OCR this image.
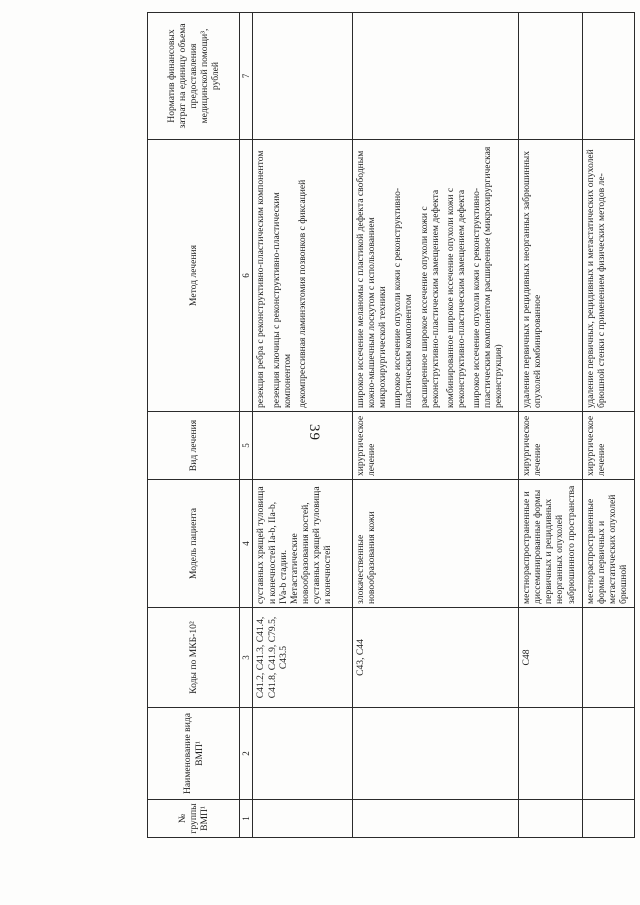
39
№ группы ВМП¹	Наименование вида ВМП¹	Коды по МКБ-10²	Модель пациента	Вид лечения	Метод лечения	Норматив финансовых затрат на единицу объема предоставления медицинской помощи³, рублей
1	2	3	4	5	6	7
		C41.2, C41.3, C41.4, C41.8, C41.9, C79.5, C43.5	суставных хрящей туловища и конечностей Ia-b, IIa-b, IVa-b стадии. Метастатические новообразования костей, суставных хрящей туловища и конечностей		резекция ребра с реконструктивно-пластическим компонентом резекция ключицы с реконструктивно-пластическим компонентом декомпрессивная ламинэктомия позвонков с фиксацией	

		C43, C44	злокачественные новообразования кожи	хирургическое лечение	широкое иссечение меланомы с пластикой дефекта свободным кожно-мышечным лоскутом с использованием микрохирургической техники широкое иссечение опухоли кожи с реконструктивно-пластическим компонентом расширенное широкое иссечение опухоли кожи с реконструктивно-пластическим замещением дефекта комбинированное широкое иссечение опухоли кожи с реконструктивно-пластическим замещением дефекта широкое иссечение опухоли кожи с реконструктивно-пластическим компонентом расширенное (микрохирургическая реконструкция)	

		C48	местнораспространенные и диссеминированные формы первичных и рецидивных неорганных опухолей забрюшинного пространства	хирургическое лечение	удаление первичных и рецидивных неорганных забрюшинных опухолей комбинированное	

			местнораспространенные формы первичных и метастатических опухолей брюшной	хирургическое лечение	удаление первичных, рецидивных и метастатических опухолей брюшной стенки с применением физических методов ле-	
